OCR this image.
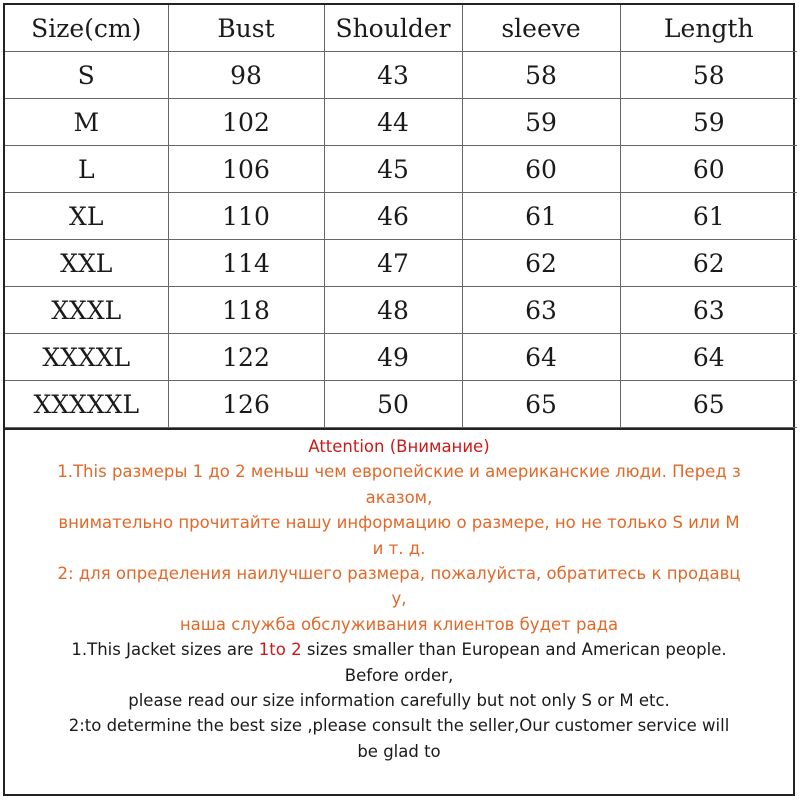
Size(cm)	Bust	Shoulder	sleeve	Length
S	98	43	58	58
M	102	44	59	59
L	106	45	60	60
XL	110	46	61	61
XXL	114	47	62	62
XXXL	118	48	63	63
XXXXL	122	49	64	64
XXXXXL	126	50	65	65
Attention (Внимание)
1.This размеры 1 до 2 меньш чем европейские и американские люди. Перед з
аказом,
внимательно прочитайте нашу информацию о размере, но не только S или M
и т. д.
2: для определения наилучшего размера, пожалуйста, обратитесь к продавц
у,
наша служба обслуживания клиентов будет рада
1.This Jacket sizes are 1to 2 sizes smaller than European and American people.
Before order,
please read our size information carefully but not only S or M etc.
2:to determine the best size ,please consult the seller,Our customer service will
be glad to
